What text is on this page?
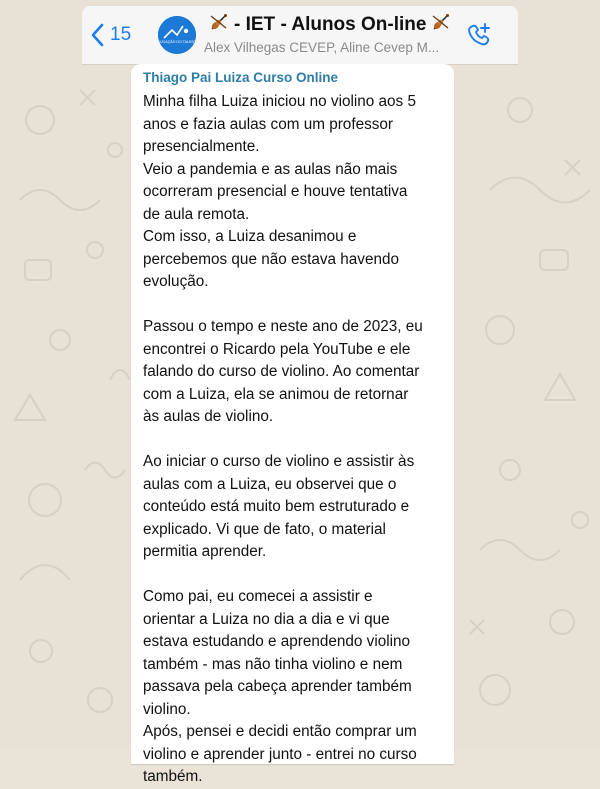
15	EDUCAÇÃO DO TALENTO
- IET - Alunos On-line
Alex Vilhegas CEVEP, Aline Cevep M...
Thiago Pai Luiza Curso Online

Minha filha Luiza iniciou no violino aos 5

anos e fazia aulas com um professor

presencialmente.

Veio a pandemia e as aulas não mais

ocorreram presencial e houve tentativa

de aula remota.

Com isso, a Luiza desanimou e

percebemos que não estava havendo

evolução.

Passou o tempo e neste ano de 2023, eu

encontrei o Ricardo pela YouTube e ele

falando do curso de violino. Ao comentar

com a Luiza, ela se animou de retornar

às aulas de violino.

Ao iniciar o curso de violino e assistir às

aulas com a Luiza, eu observei que o

conteúdo está muito bem estruturado e

explicado. Vi que de fato, o material

permitia aprender.

Como pai, eu comecei a assistir e

orientar a Luiza no dia a dia e vi que

estava estudando e aprendendo violino

também - mas não tinha violino e nem

passava pela cabeça aprender também

violino.

Após, pensei e decidi então comprar um

violino e aprender junto - entrei no curso

também.
